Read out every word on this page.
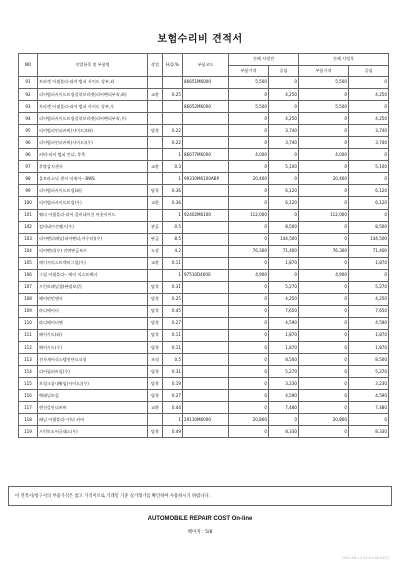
보험수리비 견적서
NO	작업항목 및 부품명	작업	H.Q.%	부품코드	손해 사정전		손해 사정후	
					부품가격	공임	부품가격	공임
91	브라켓 어셈블리-리어 범퍼 사이드 상부,좌			86651M6000	5,500	0	5,500	0
92	리어범퍼사이드트림장착브라켓(리어펜더부착,좌)	교환	0.25		0	4,250	0	4,250
93	브라켓 어셈블리-리어 범퍼 사이드 상부,우			86652M6000	5,500	0	5,500	0
94	리어범퍼사이드트림장착브라켓(리어펜더부착,우)				0	4,250	0	4,250
95	리어범퍼언더커버(사이드)(좌)	탈착	0.22		0	3,740	0	3,740
96	리어범퍼언더커버(사이드)(우)		0.22		0	3,740	0	3,740
96	커버-리어 범퍼 언더, 후축		1	86677M6000	4,000	0	4,000	0
97	후방감지센서	교환	0.3		0	5,100	0	5,100
98	울트라소닉 센서 익세이-- BWS		1	99310M6100ABP	20,400	0	20,400	0
99	리어범퍼사이드트림(좌)	탈착	0.36		0	6,120	0	6,120
100	리어범퍼사이드트림(우)	교환	0.36		0	6,120	0	6,120
101	웨더 어셈블리-리어 콤비네이션 아웃사이드		1	92402M6100	112,000	0	112,000	0
102	컴비네이션램프(우)	관공	0.5		0	8,500	0	8,500
103	리어펜더패널(리어펜더,아우터)(우)	판금	8.5		0	144,500	0	144,500
104	리어펜더(우) 전면판금보수	도장	4.2		76,300	71,400	76,300	71,400
105	메이저익스트렉터그릴(우)	교환	0.11		0	1,870	0	1,870
106	그릴 어셈블리-- 에어 익스트랙터		1	97510D4000	4,900	0	4,900	0
107	프런트패널셀(판넬보강)	탈착	0.31		0	5,270	0	5,270
108	헤어펀빈앤사	탈착	0.25		0	4,250	0	4,250
109	라디에이터	탈착	0.45		0	7,650	0	7,650
110	라디에이터팬	탈착	0.27		0	4,590	0	4,590
111	헤어가드(좌)	탈착	0.11		0	1,870	0	1,870
112	헤어가드(우)	탈착	0.11		0	1,870	0	1,870
113	전자제어식스템진단모코칭	조정	0.5		0	8,500	0	8,500
114	리어필러트림(우)	탈착	0.31		0	5,270	0	5,270
115	트림크룸내휠임(사이드)(우)	탈착	0.19		0	3,230	0	3,230
116	백패널트림	탈착	0.27		0	4,590	0	4,590
117	엔진플안더커버	교환	0.44		0	7,480	0	7,480
118	패널 어셈블리--언더 커버		1	29110M6000	20,800	0	20,800	0
119	프런트도어글래스(우)	탈착	0.49		0	8,330	0	8,330
이 견적서/청구서의 부품가격은 참고 가격이므로 거래일 기준 실거래가를 확인하여 사용하시기 바랍니다.
AUTOMOBILE REPAIR COST On-line
페이지 : 5/8
2020-06-15 04:01:38 KST/T
